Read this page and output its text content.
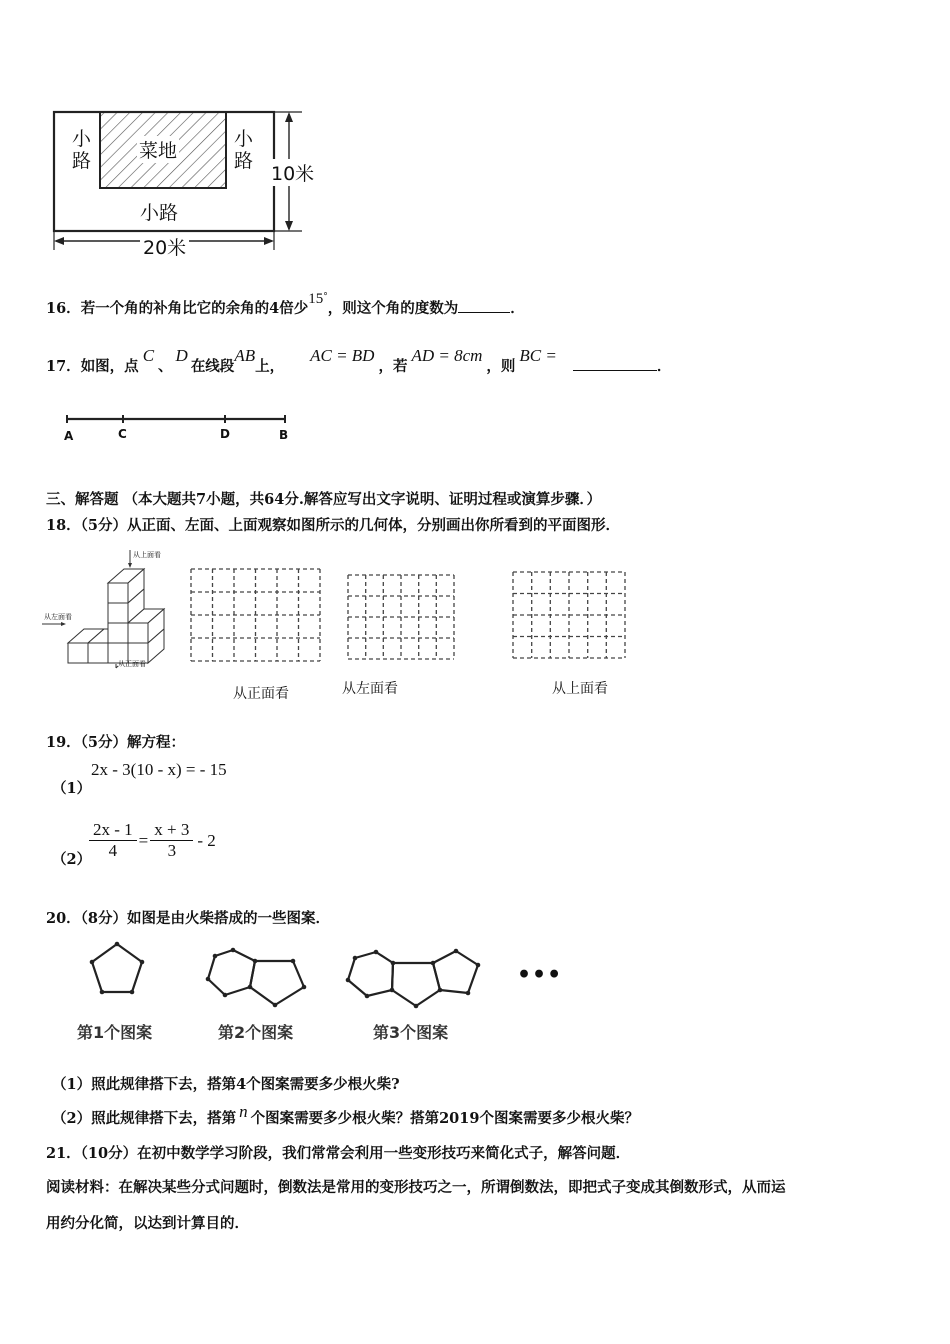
菜地
小
路
小
路
小路
10米
20米
16．若一个角的补角比它的余角的4倍少15°，则这个角的度数为	．
17．如图，点C、D在线段AB上，AC = BD，若AD = 8cm，则BC =．
A	C	D	B
三、解答题 （本大题共7小题，共64分.解答应写出文字说明、证明过程或演算步骤．）
18．（5分）从正面、左面、上面观察如图所示的几何体，分别画出你所看到的平面图形．
从上面看
从左面看
从正面看
从正面看	从左面看	从上面看
19．（5分）解方程：
（1）
2x - 3(10 - x) = - 15
（2）
$\frac{2x - 1}{4} = \frac{x + 3}{3} - 2$
20．（8分）如图是由火柴搭成的一些图案．
•••
第1个图案	第2个图案	第3个图案
（1）照此规律搭下去，搭第4个图案需要多少根火柴?
（2）照此规律搭下去，搭第 n 个图案需要多少根火柴？搭第2019个图案需要多少根火柴？
21．（10分）在初中数学学习阶段，我们常常会利用一些变形技巧来简化式子，解答问题．
阅读材料：在解决某些分式问题时，倒数法是常用的变形技巧之一，所谓倒数法，即把式子变成其倒数形式，从而运
用约分化简，以达到计算目的．
